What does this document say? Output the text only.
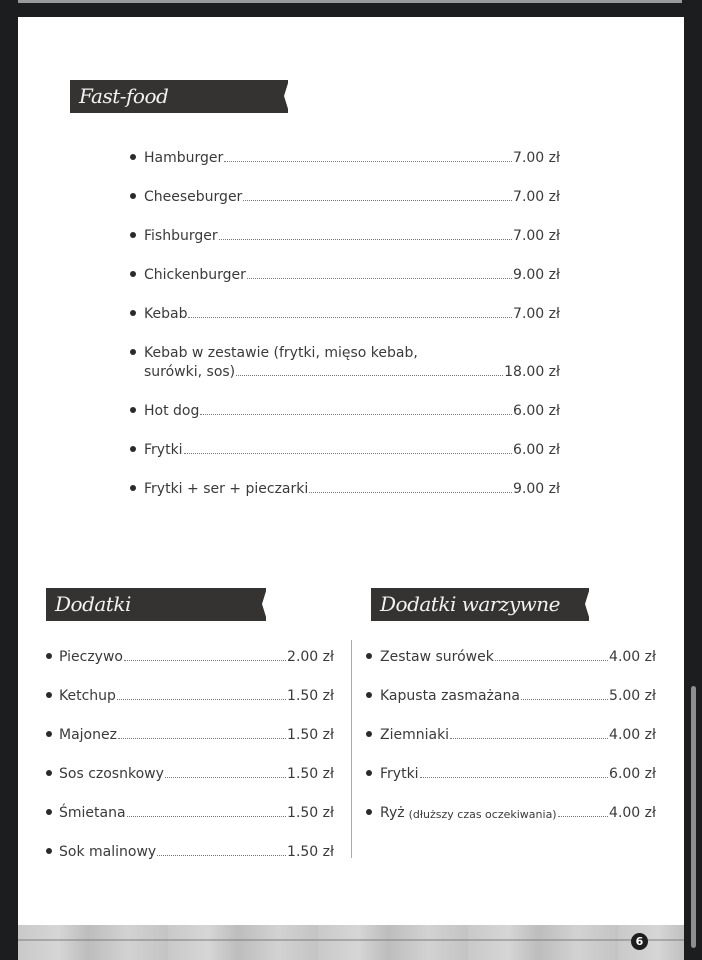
Fast-food
Hamburger	7.00 zł
Cheeseburger	7.00 zł
Fishburger	7.00 zł
Chickenburger	9.00 zł
Kebab	7.00 zł
Kebab w zestawie (frytki, mięso kebab,
surówki, sos)	18.00 zł
Hot dog	6.00 zł
Frytki	6.00 zł
Frytki + ser + pieczarki	9.00 zł
Dodatki
Pieczywo	2.00 zł
Ketchup	1.50 zł
Majonez	1.50 zł
Sos czosnkowy	1.50 zł
Śmietana	1.50 zł
Sok malinowy	1.50 zł
Dodatki warzywne
Zestaw surówek	4.00 zł
Kapusta zasmażana	5.00 zł
Ziemniaki	4.00 zł
Frytki	6.00 zł
Ryż (dłuższy czas oczekiwania)	4.00 zł
6
